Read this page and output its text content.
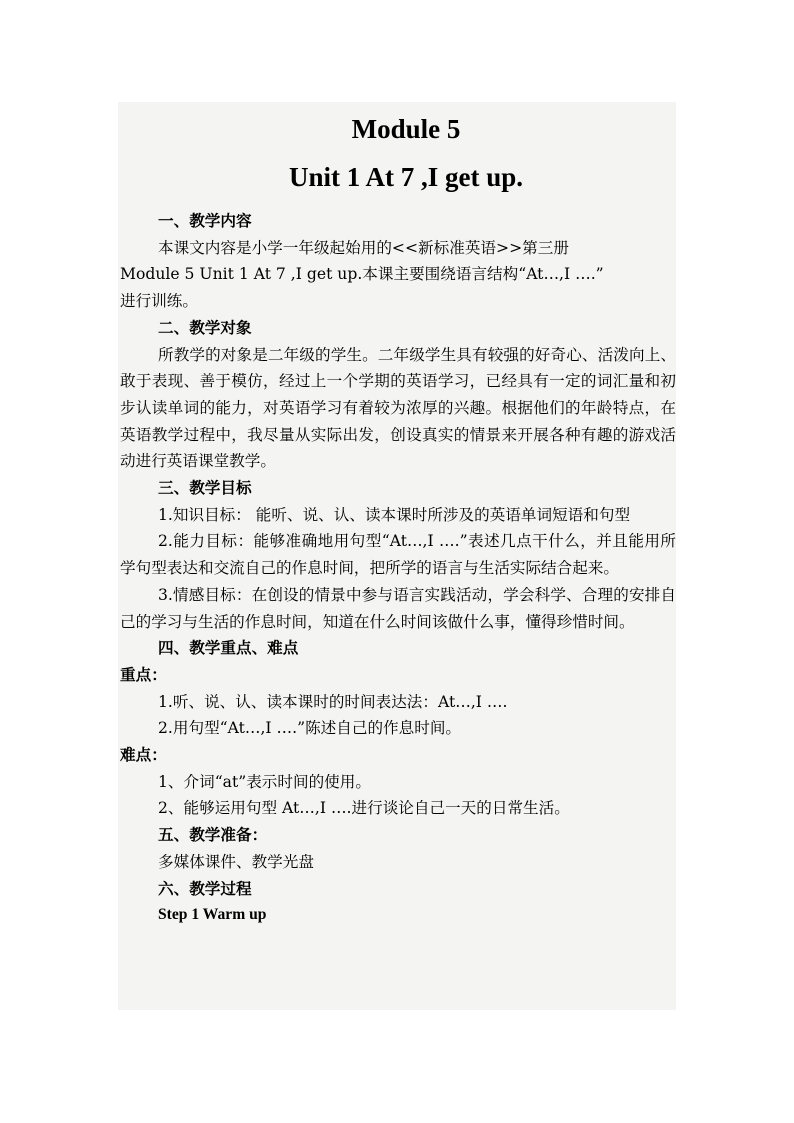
Module 5
Unit 1 At 7 ,I get up.

一、教学内容

本课文内容是小学一年级起始用的<<新标准英语>>第三册

Module 5 Unit 1 At 7 ,I get up.本课主要围绕语言结构“At…,I ….”

进行训练。

二、教学对象

所教学的对象是二年级的学生。二年级学生具有较强的好奇心、活泼向上、敢于表现、善于模仿，经过上一个学期的英语学习，已经具有一定的词汇量和初步认读单词的能力，对英语学习有着较为浓厚的兴趣。根据他们的年龄特点，在英语教学过程中，我尽量从实际出发，创设真实的情景来开展各种有趣的游戏活动进行英语课堂教学。

三、教学目标

1.知识目标： 能听、说、认、读本课时所涉及的英语单词短语和句型

2.能力目标：能够准确地用句型“At…,I ….”表述几点干什么，并且能用所学句型表达和交流自己的作息时间，把所学的语言与生活实际结合起来。

3.情感目标：在创设的情景中参与语言实践活动，学会科学、合理的安排自己的学习与生活的作息时间，知道在什么时间该做什么事，懂得珍惜时间。

四、教学重点、难点

重点：

1.听、说、认、读本课时的时间表达法：At…,I ….

2.用句型“At…,I ….”陈述自己的作息时间。

难点：

1、介词“at”表示时间的使用。

2、能够运用句型 At…,I ….进行谈论自己一天的日常生活。

五、教学准备：

多媒体课件、教学光盘

六、教学过程

Step 1 Warm up
